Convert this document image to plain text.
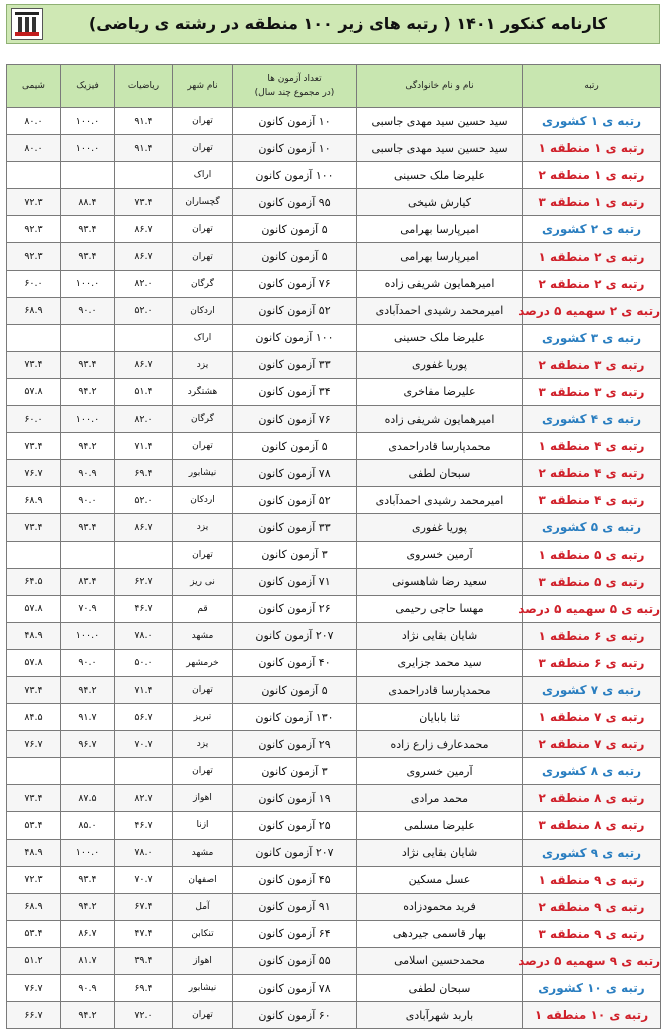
کارنامه کنکور ۱۴۰۱ ( رتبه های زیر ۱۰۰ منطقه در رشته ی ریاضی)
رتبه	نام و نام خانوادگی	تعداد آزمون ها
(در مجموع چند سال)	نام شهر	ریاضیات	فیزیک	شیمی
رتبه ی ۱ کشوری	سید حسین سید مهدی جاسبی	۱۰ آزمون کانون	تهران	۹۱.۴	۱۰۰.۰	۸۰.۰
رتبه ی ۱ منطقه ۱	سید حسین سید مهدی جاسبی	۱۰ آزمون کانون	تهران	۹۱.۴	۱۰۰.۰	۸۰.۰
رتبه ی ۱ منطقه ۲	علیرضا ملک حسینی	۱۰۰ آزمون کانون	اراک			
رتبه ی ۱ منطقه ۳	کیارش شیخی	۹۵ آزمون کانون	گچساران	۷۳.۴	۸۸.۴	۷۲.۳
رتبه ی ۲ کشوری	امیرپارسا بهرامی	۵ آزمون کانون	تهران	۸۶.۷	۹۳.۴	۹۲.۳
رتبه ی ۲ منطقه ۱	امیرپارسا بهرامی	۵ آزمون کانون	تهران	۸۶.۷	۹۳.۴	۹۲.۳
رتبه ی ۲ منطقه ۲	امیرهمایون شریفی زاده	۷۶ آزمون کانون	گرگان	۸۲.۰	۱۰۰.۰	۶۰.۰
رتبه ی ۲ سهمیه ۵ درصد	امیرمحمد رشیدی احمدآبادی	۵۲ آزمون کانون	اردکان	۵۲.۰	۹۰.۰	۶۸.۹
رتبه ی ۳ کشوری	علیرضا ملک حسینی	۱۰۰ آزمون کانون	اراک			
رتبه ی ۳ منطقه ۲	پوریا غفوری	۳۳ آزمون کانون	یزد	۸۶.۷	۹۳.۴	۷۳.۴
رتبه ی ۳ منطقه ۳	علیرضا مفاخری	۳۴ آزمون کانون	هشتگرد	۵۱.۴	۹۴.۲	۵۷.۸
رتبه ی ۴ کشوری	امیرهمایون شریفی زاده	۷۶ آزمون کانون	گرگان	۸۲.۰	۱۰۰.۰	۶۰.۰
رتبه ی ۴ منطقه ۱	محمدپارسا قادراحمدی	۵ آزمون کانون	تهران	۷۱.۴	۹۴.۲	۷۳.۴
رتبه ی ۴ منطقه ۲	سبحان لطفی	۷۸ آزمون کانون	نیشابور	۶۹.۴	۹۰.۹	۷۶.۷
رتبه ی ۴ منطقه ۳	امیرمحمد رشیدی احمدآبادی	۵۲ آزمون کانون	اردکان	۵۲.۰	۹۰.۰	۶۸.۹
رتبه ی ۵ کشوری	پوریا غفوری	۳۳ آزمون کانون	یزد	۸۶.۷	۹۳.۴	۷۳.۴
رتبه ی ۵ منطقه ۱	آرمین خسروی	۳ آزمون کانون	تهران			
رتبه ی ۵ منطقه ۳	سعید رضا شاهسونی	۷۱ آزمون کانون	نی ریز	۶۲.۷	۸۳.۴	۶۴.۵
رتبه ی ۵ سهمیه ۵ درصد	مهسا حاجی رحیمی	۲۶ آزمون کانون	قم	۴۶.۷	۷۰.۹	۵۷.۸
رتبه ی ۶ منطقه ۱	شایان بقایی نژاد	۲۰۷ آزمون کانون	مشهد	۷۸.۰	۱۰۰.۰	۴۸.۹
رتبه ی ۶ منطقه ۳	سید محمد جزایری	۴۰ آزمون کانون	خرمشهر	۵۰.۰	۹۰.۰	۵۷.۸
رتبه ی ۷ کشوری	محمدپارسا قادراحمدی	۵ آزمون کانون	تهران	۷۱.۴	۹۴.۲	۷۳.۴
رتبه ی ۷ منطقه ۱	ثنا بابایان	۱۳۰ آزمون کانون	تبریز	۵۶.۷	۹۱.۷	۸۴.۵
رتبه ی ۷ منطقه ۲	محمدعارف زارع زاده	۲۹ آزمون کانون	یزد	۷۰.۷	۹۶.۷	۷۶.۷
رتبه ی ۸ کشوری	آرمین خسروی	۳ آزمون کانون	تهران			
رتبه ی ۸ منطقه ۲	محمد مرادی	۱۹ آزمون کانون	اهواز	۸۲.۷	۸۷.۵	۷۳.۴
رتبه ی ۸ منطقه ۳	علیرضا مسلمی	۲۵ آزمون کانون	ازنا	۴۶.۷	۸۵.۰	۵۳.۴
رتبه ی ۹ کشوری	شایان بقایی نژاد	۲۰۷ آزمون کانون	مشهد	۷۸.۰	۱۰۰.۰	۴۸.۹
رتبه ی ۹ منطقه ۱	عسل مسکین	۴۵ آزمون کانون	اصفهان	۷۰.۷	۹۳.۴	۷۲.۳
رتبه ی ۹ منطقه ۲	فرید محمودزاده	۹۱ آزمون کانون	آمل	۶۷.۴	۹۴.۲	۶۸.۹
رتبه ی ۹ منطقه ۳	بهار قاسمی جیردهی	۶۴ آزمون کانون	تنکابن	۴۷.۴	۸۶.۷	۵۳.۴
رتبه ی ۹ سهمیه ۵ درصد	محمدحسین اسلامی	۵۵ آزمون کانون	اهواز	۳۹.۴	۸۱.۷	۵۱.۲
رتبه ی ۱۰ کشوری	سبحان لطفی	۷۸ آزمون کانون	نیشابور	۶۹.۴	۹۰.۹	۷۶.۷
رتبه ی ۱۰ منطقه ۱	باربد شهرآبادی	۶۰ آزمون کانون	تهران	۷۲.۰	۹۴.۲	۶۶.۷
